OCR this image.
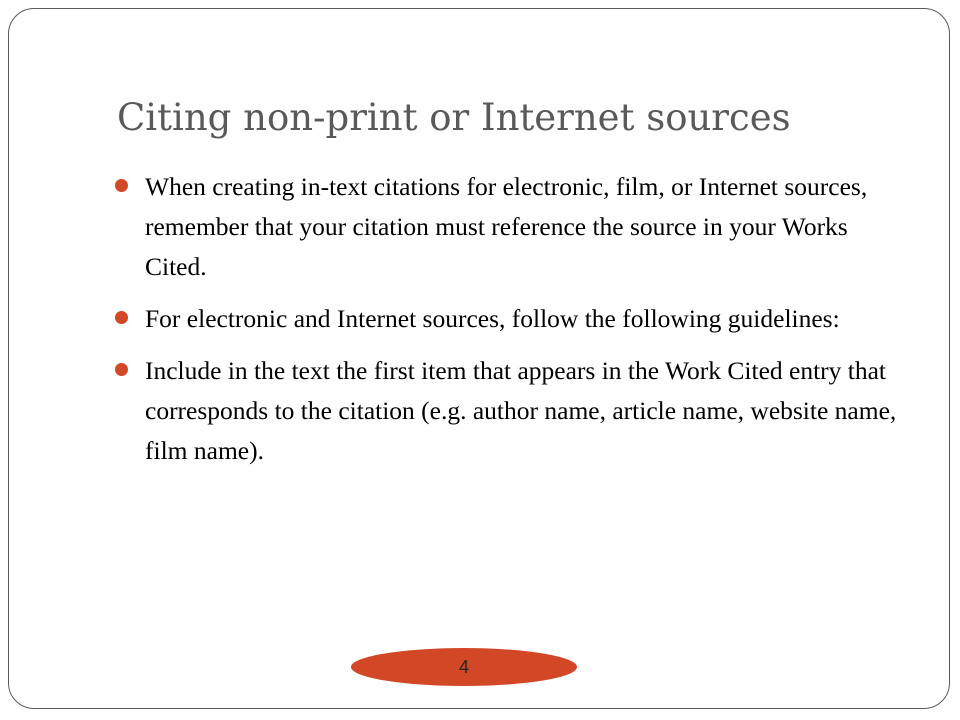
Citing non-print or Internet sources
When creating in-text citations for electronic, film, or Internet sources, remember that your citation must reference the source in your Works Cited.
For electronic and Internet sources, follow the following guidelines:
Include in the text the first item that appears in the Work Cited entry that corresponds to the citation (e.g. author name, article name, website name, film name).
4
